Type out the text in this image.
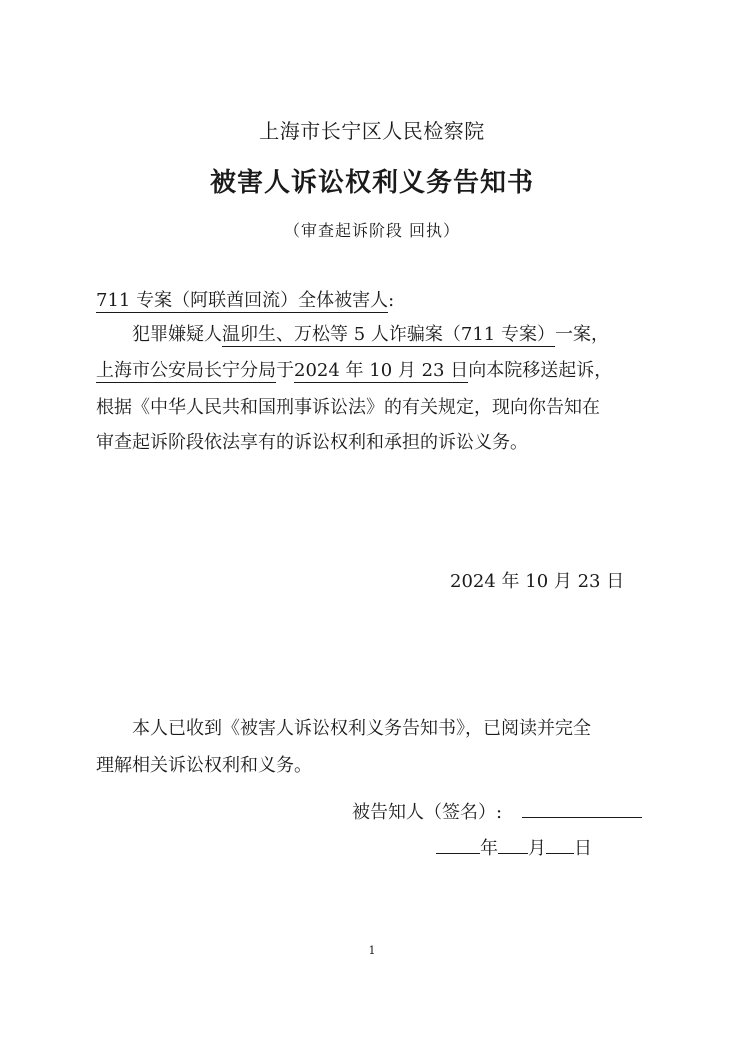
上海市长宁区人民检察院
被害人诉讼权利义务告知书
（审查起诉阶段 回执）
711 专案（阿联酋回流）全体被害人:
犯罪嫌疑人温卯生、万松等 5 人诈骗案（711 专案）一案，
上海市公安局长宁分局于2024 年 10 月 23 日向本院移送起诉，
根据《中华人民共和国刑事诉讼法》的有关规定，现向你告知在
审查起诉阶段依法享有的诉讼权利和承担的诉讼义务。
2024 年 10 月 23 日
本人已收到《被害人诉讼权利义务告知书》，已阅读并完全
理解相关诉讼权利和义务。
被告知人（签名）:
年 月 日
1
